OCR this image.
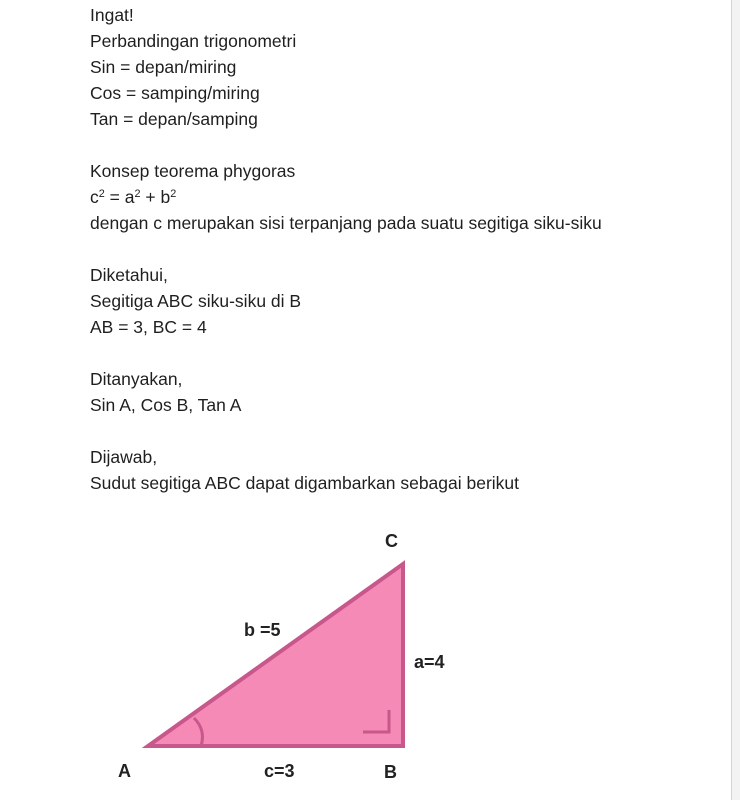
Ingat!
Perbandingan trigonometri
Sin = depan/miring
Cos = samping/miring
Tan = depan/samping
Konsep teorema phygoras
$c^2 = a^2 + b^2$
dengan c merupakan sisi terpanjang pada suatu segitiga siku-siku
Diketahui,
Segitiga ABC siku-siku di B
AB = 3, BC = 4
Ditanyakan,
Sin A, Cos B, Tan A
Dijawab,
Sudut segitiga ABC dapat digambarkan sebagai berikut
C
b =5
a=4
A	c=3	B
